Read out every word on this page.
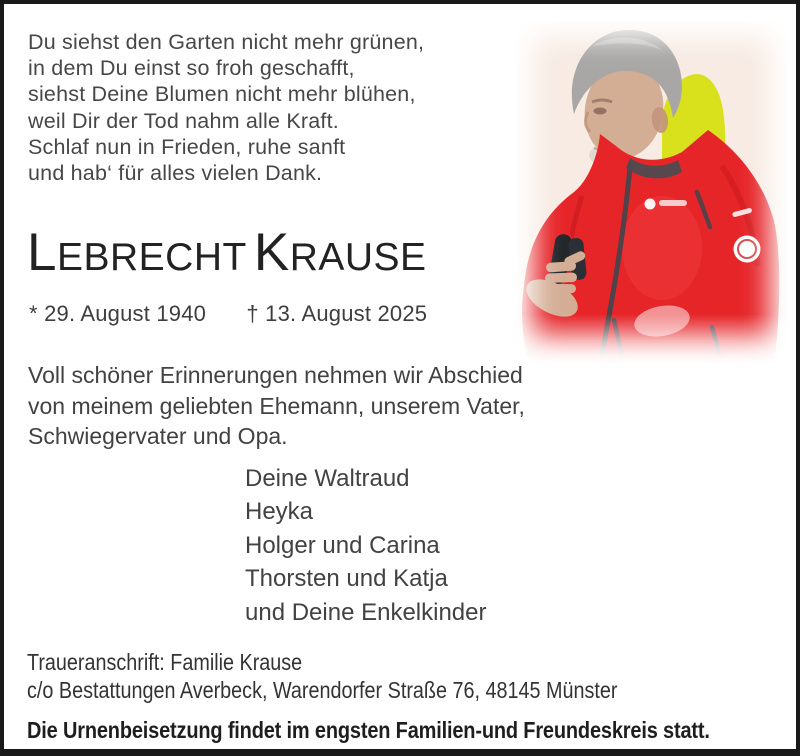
Du siehst den Garten nicht mehr grünen,
in dem Du einst so froh geschafft,
siehst Deine Blumen nicht mehr blühen,
weil Dir der Tod nahm alle Kraft.
Schlaf nun in Frieden, ruhe sanft
und hab‘ für alles vielen Dank.
LEBRECHT KRAUSE
* 29. August 1940 † 13. August 2025
Voll schöner Erinnerungen nehmen wir Abschied
von meinem geliebten Ehemann, unserem Vater,
Schwiegervater und Opa.
Deine Waltraud
Heyka
Holger und Carina
Thorsten und Katja
und Deine Enkelkinder
Traueranschrift: Familie Krause
c/o Bestattungen Averbeck, Warendorfer Straße 76, 48145 Münster
Die Urnenbeisetzung findet im engsten Familien-und Freundeskreis statt.
